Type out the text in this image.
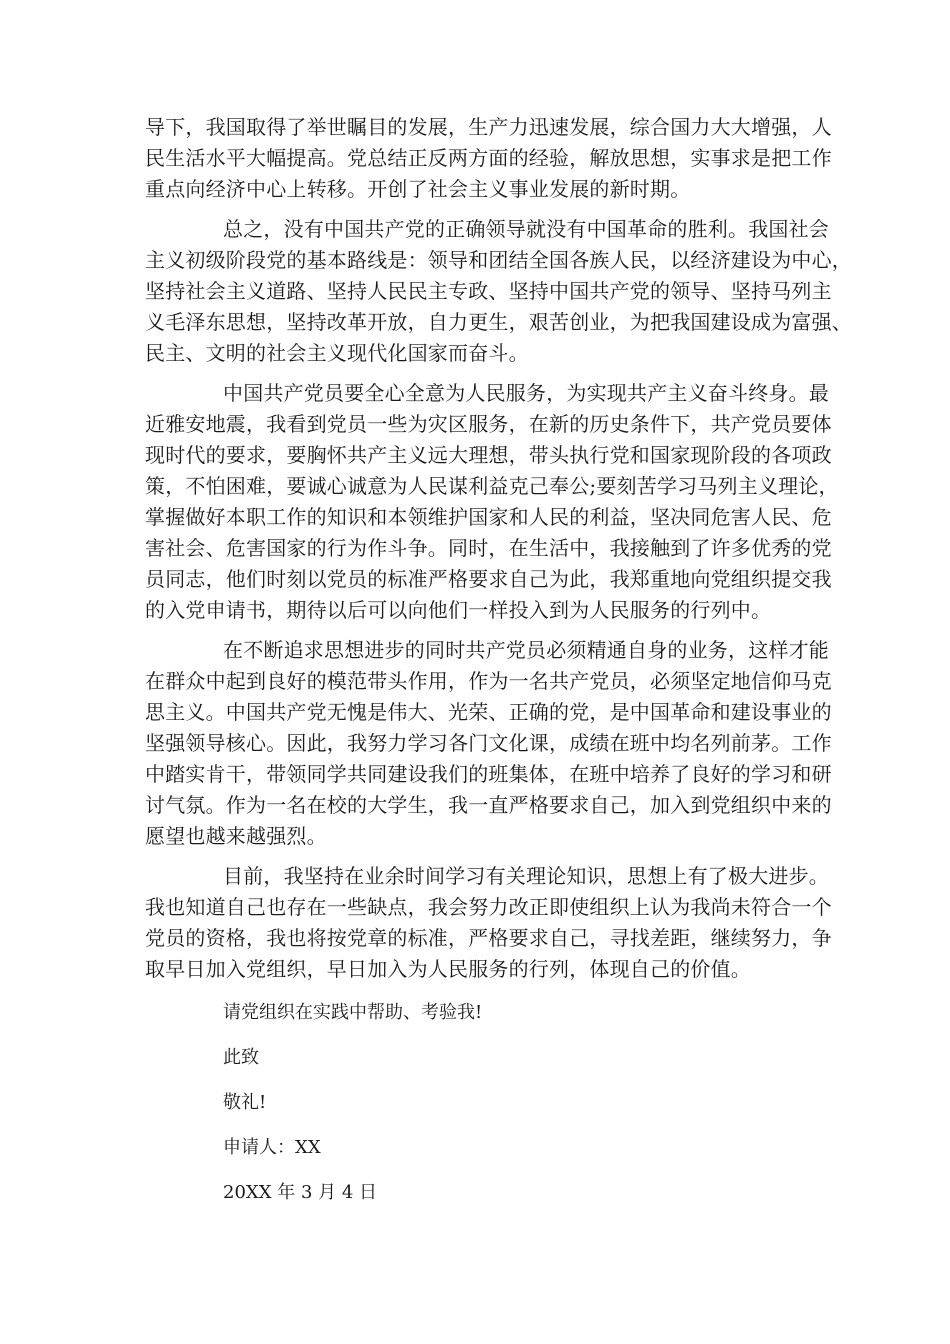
导下，我国取得了举世瞩目的发展，生产力迅速发展，综合国力大大增强，人
民生活水平大幅提高。党总结正反两方面的经验，解放思想，实事求是把工作
重点向经济中心上转移。开创了社会主义事业发展的新时期。
总之，没有中国共产党的正确领导就没有中国革命的胜利。我国社会
主义初级阶段党的基本路线是：领导和团结全国各族人民，以经济建设为中心，
坚持社会主义道路、坚持人民民主专政、坚持中国共产党的领导、坚持马列主
义毛泽东思想，坚持改革开放，自力更生，艰苦创业，为把我国建设成为富强、
民主、文明的社会主义现代化国家而奋斗。
中国共产党员要全心全意为人民服务，为实现共产主义奋斗终身。最
近雅安地震，我看到党员一些为灾区服务，在新的历史条件下，共产党员要体
现时代的要求，要胸怀共产主义远大理想，带头执行党和国家现阶段的各项政
策，不怕困难，要诚心诚意为人民谋利益克己奉公;要刻苦学习马列主义理论，
掌握做好本职工作的知识和本领维护国家和人民的利益，坚决同危害人民、危
害社会、危害国家的行为作斗争。同时，在生活中，我接触到了许多优秀的党
员同志，他们时刻以党员的标准严格要求自己为此，我郑重地向党组织提交我
的入党申请书，期待以后可以向他们一样投入到为人民服务的行列中。
在不断追求思想进步的同时共产党员必须精通自身的业务，这样才能
在群众中起到良好的模范带头作用，作为一名共产党员，必须坚定地信仰马克
思主义。中国共产党无愧是伟大、光荣、正确的党，是中国革命和建设事业的
坚强领导核心。因此，我努力学习各门文化课，成绩在班中均名列前茅。工作
中踏实肯干，带领同学共同建设我们的班集体，在班中培养了良好的学习和研
讨气氛。作为一名在校的大学生，我一直严格要求自己，加入到党组织中来的
愿望也越来越强烈。
目前，我坚持在业余时间学习有关理论知识，思想上有了极大进步。
我也知道自己也存在一些缺点，我会努力改正即使组织上认为我尚未符合一个
党员的资格，我也将按党章的标准，严格要求自己，寻找差距，继续努力，争
取早日加入党组织，早日加入为人民服务的行列，体现自己的价值。
请党组织在实践中帮助、考验我!
此致
敬礼!
申请人：XX
20XX 年 3 月 4 日
